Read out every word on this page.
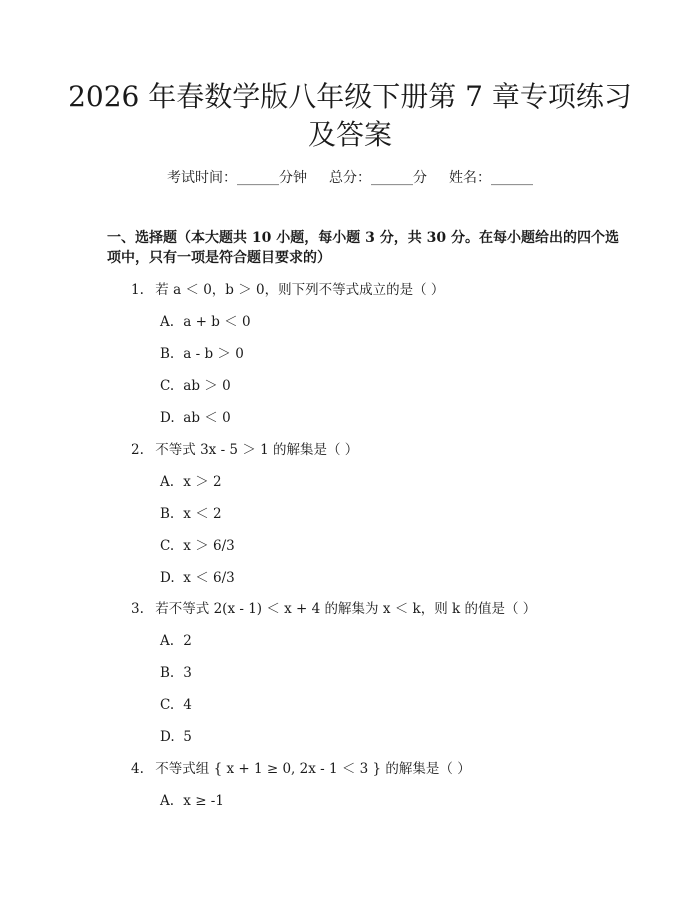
2026 年春数学版八年级下册第 7 章专项练习
及答案
考试时间：______分钟 总分：______分 姓名：______
一、选择题（本大题共 10 小题，每小题 3 分，共 30 分。在每小题给出的四个选
项中，只有一项是符合题目要求的）
1. 若 a ＜ 0，b ＞ 0，则下列不等式成立的是（ ）
A. a + b ＜ 0
B. a - b ＞ 0
C. ab ＞ 0
D. ab ＜ 0
2. 不等式 3x - 5 ＞ 1 的解集是（ ）
A. x ＞ 2
B. x ＜ 2
C. x ＞ 6/3
D. x ＜ 6/3
3. 若不等式 2(x - 1) ＜ x + 4 的解集为 x ＜ k，则 k 的值是（ ）
A. 2
B. 3
C. 4
D. 5
4. 不等式组 { x + 1 ≥ 0, 2x - 1 ＜ 3 } 的解集是（ ）
A. x ≥ -1
